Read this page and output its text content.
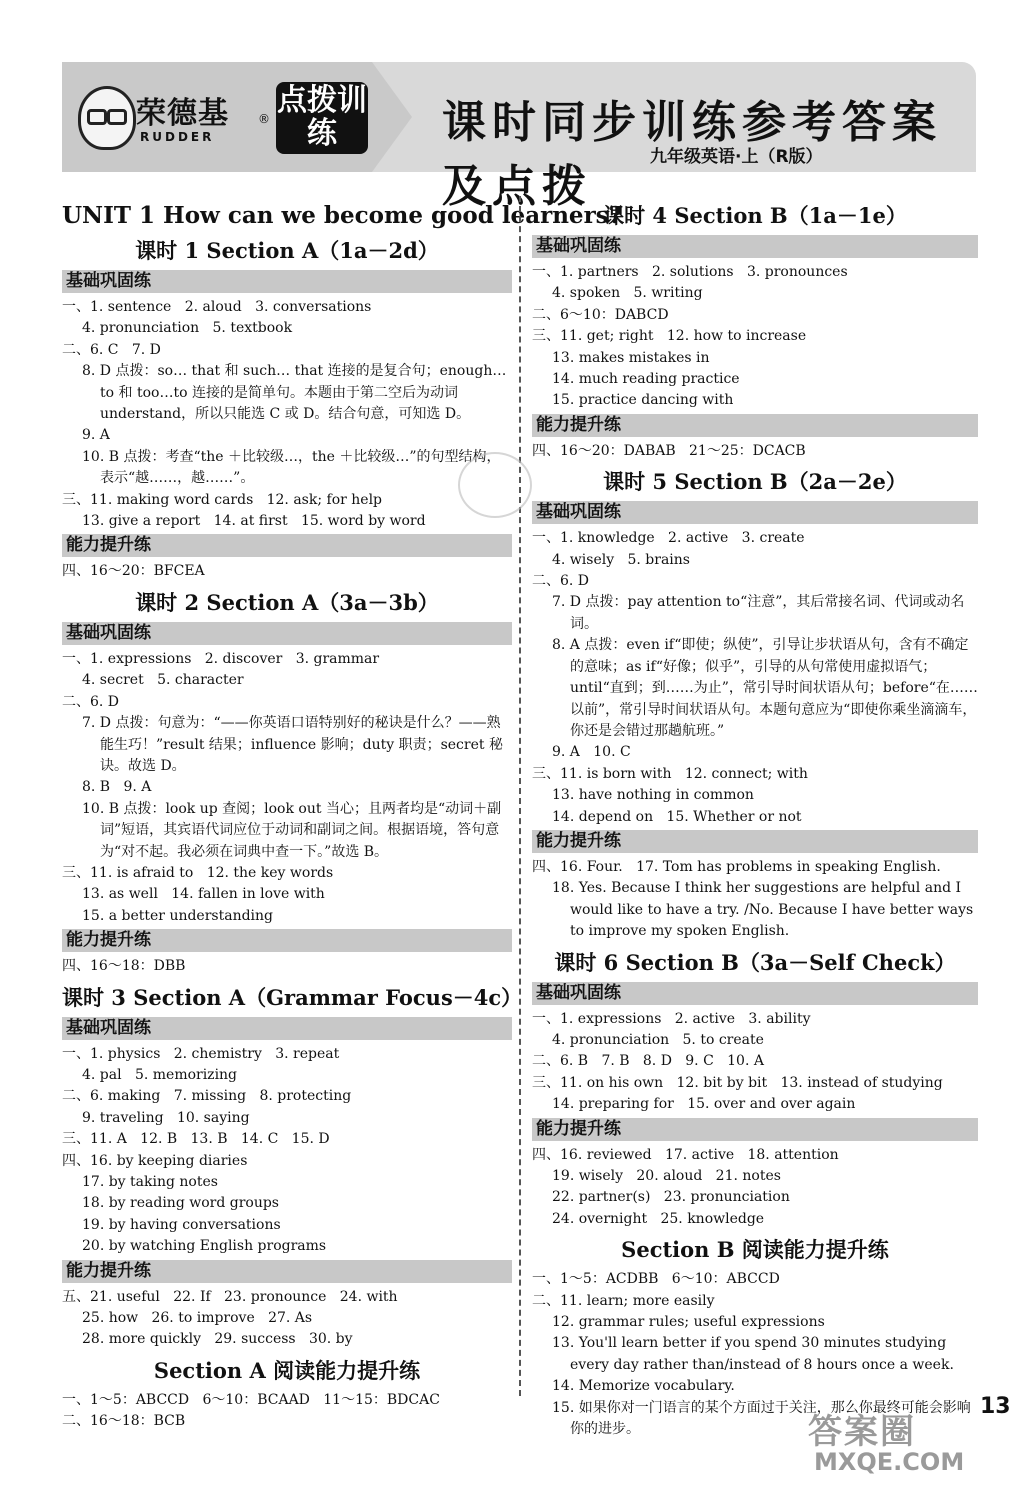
荣德基
RUDDER
®
点拨训练	课时同步训练参考答案及点拨
九年级英语·上（R版）
UNIT 1 How can we become good learners?
课时 1 Section A（1a－2d）
基础巩固练
一、1. sentence   2. aloud   3. conversations
4. pronunciation   5. textbook
二、6. C   7. D
8. D 点拨：so… that 和 such… that 连接的是复合句；enough…to 和 too…to 连接的是简单句。本题由于第二空后为动词 understand，所以只能选 C 或 D。结合句意，可知选 D。
9. A
10. B 点拨：考查“the ＋比较级…，the ＋比较级…”的句型结构，表示“越……，越……”。
三、11. making word cards   12. ask; for help
13. give a report   14. at first   15. word by word
能力提升练
四、16～20：BFCEA
课时 2 Section A（3a－3b）
基础巩固练
一、1. expressions   2. discover   3. grammar
4. secret   5. character
二、6. D
7. D 点拨：句意为：“——你英语口语特别好的秘诀是什么？——熟能生巧！”result 结果；influence 影响；duty 职责；secret 秘诀。故选 D。
8. B   9. A
10. B 点拨：look up 查阅；look out 当心；且两者均是“动词＋副词”短语，其宾语代词应位于动词和副词之间。根据语境，答句意为“对不起。我必须在词典中查一下。”故选 B。
三、11. is afraid to   12. the key words
13. as well   14. fallen in love with
15. a better understanding
能力提升练
四、16～18：DBB
课时 3 Section A（Grammar Focus－4c）
基础巩固练
一、1. physics   2. chemistry   3. repeat
4. pal   5. memorizing
二、6. making   7. missing   8. protecting
9. traveling   10. saying
三、11. A   12. B   13. B   14. C   15. D
四、16. by keeping diaries
17. by taking notes
18. by reading word groups
19. by having conversations
20. by watching English programs
能力提升练
五、21. useful   22. If   23. pronounce   24. with
25. how   26. to improve   27. As
28. more quickly   29. success   30. by
Section A 阅读能力提升练
一、1～5：ABCCD   6～10：BCAAD   11～15：BDCAC
二、16～18：BCB
课时 4 Section B（1a－1e）
基础巩固练
一、1. partners   2. solutions   3. pronounces
4. spoken   5. writing
二、6～10：DABCD
三、11. get; right   12. how to increase
13. makes mistakes in
14. much reading practice
15. practice dancing with
能力提升练
四、16～20：DABAB   21～25：DCACB
课时 5 Section B（2a－2e）
基础巩固练
一、1. knowledge   2. active   3. create
4. wisely   5. brains
二、6. D
7. D 点拨：pay attention to“注意”，其后常接名词、代词或动名词。
8. A 点拨：even if“即使；纵使”，引导让步状语从句，含有不确定的意味；as if“好像；似乎”，引导的从句常使用虚拟语气；until“直到；到……为止”，常引导时间状语从句；before“在……以前”，常引导时间状语从句。本题句意应为“即使你乘坐滴滴车，你还是会错过那趟航班。”
9. A   10. C
三、11. is born with   12. connect; with
13. have nothing in common
14. depend on   15. Whether or not
能力提升练
四、16. Four.   17. Tom has problems in speaking English.
18. Yes. Because I think her suggestions are helpful and I would like to have a try. /No. Because I have better ways to improve my spoken English.
课时 6 Section B（3a－Self Check）
基础巩固练
一、1. expressions   2. active   3. ability
4. pronunciation   5. to create
二、6. B   7. B   8. D   9. C   10. A
三、11. on his own   12. bit by bit   13. instead of studying
14. preparing for   15. over and over again
能力提升练
四、16. reviewed   17. active   18. attention
19. wisely   20. aloud   21. notes
22. partner(s)   23. pronunciation
24. overnight   25. knowledge
Section B 阅读能力提升练
一、1～5：ACDBB   6～10：ABCCD
二、11. learn; more easily
12. grammar rules; useful expressions
13. You'll learn better if you spend 30 minutes studying every day rather than/instead of 8 hours once a week.
14. Memorize vocabulary.
15. 如果你对一门语言的某个方面过于关注，那么你最终可能会影响你的进步。
13
答案圈
MXQE.COM
